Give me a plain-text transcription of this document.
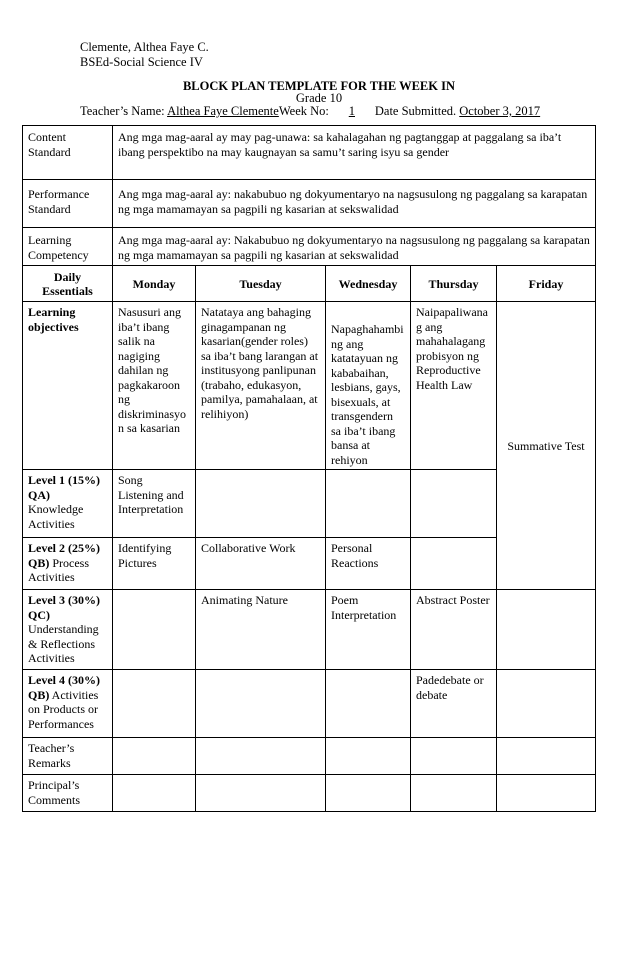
Clemente, Althea Faye C.
BSEd-Social Science IV
BLOCK PLAN TEMPLATE FOR THE WEEK IN
Grade 10
Teacher’s Name: Althea Faye ClementeWeek No: 1 Date Submitted. October 3, 2017
Content Standard	Ang mga mag-aaral ay may pag-unawa: sa kahalagahan ng pagtanggap at paggalang sa iba’t ibang perspektibo na may kaugnayan sa samu’t saring isyu sa gender				
Performance Standard	Ang mga mag-aaral ay: nakabubuo ng dokyumentaryo na nagsusulong ng paggalang sa karapatan ng mga mamamayan sa pagpili ng kasarian at sekswalidad				
Learning Competency	Ang mga mag-aaral ay: Nakabubuo ng dokyumentaryo na nagsusulong ng paggalang sa karapatan ng mga mamamayan sa pagpili ng kasarian at sekswalidad				
Daily Essentials	Monday	Tuesday	Wednesday	Thursday	Friday
Learning objectives	Nasusuri ang iba’t ibang salik na nagiging dahilan ng pagkakaroon ng diskriminasyo n sa kasarian	Natataya ang bahaging ginagampanan ng kasarian(gender roles) sa iba’t bang larangan at institusyong panlipunan (trabaho, edukasyon, pamilya, pamahalaan, at relihiyon)	Napaghahambi ng ang katatayuan ng kababaihan, lesbians, gays, bisexuals, at transgendern sa iba’t ibang bansa at rehiyon	Naipapaliwana g ang mahahalagang probisyon ng Reproductive Health Law	Summative Test
Level 1 (15%) QA) Knowledge Activities	Song Listening and Interpretation				
Level 2 (25%) QB) Process Activities	Identifying Pictures	Collaborative Work	Personal Reactions		
Level 3 (30%) QC) Understanding & Reflections Activities		Animating Nature	Poem Interpretation	Abstract Poster	
Level 4 (30%) QB) Activities on Products or Performances				Padedebate or debate	
Teacher’s Remarks					
Principal’s Comments					
